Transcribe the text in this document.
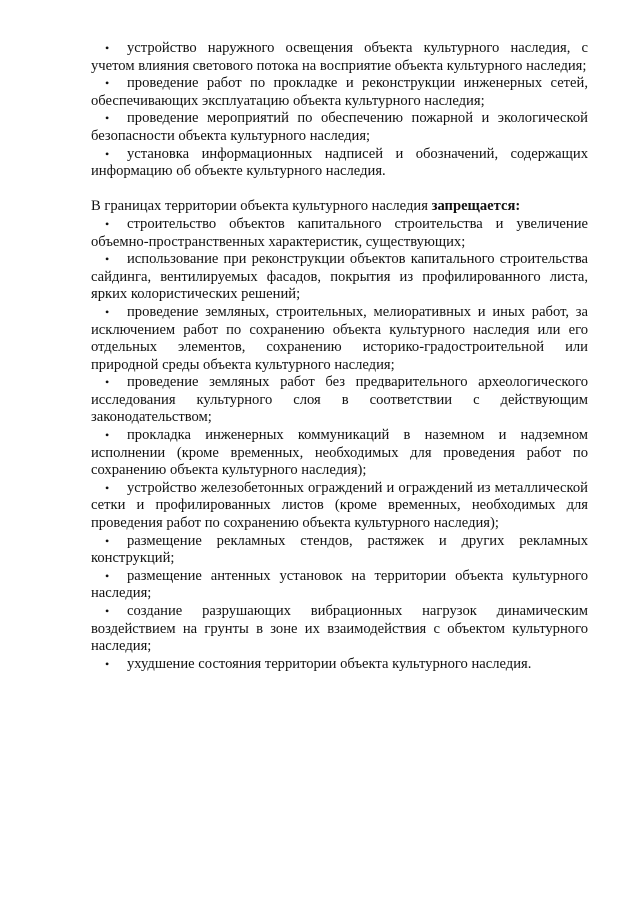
• устройство наружного освещения объекта культурного наследия, с учетом влияния светового потока на восприятие объекта культурного наследия;
• проведение работ по прокладке и реконструкции инженерных сетей, обеспечивающих эксплуатацию объекта культурного наследия;
• проведение мероприятий по обеспечению пожарной и экологической безопасности объекта культурного наследия;
• установка информационных надписей и обозначений, содержащих информацию об объекте культурного наследия.

В границах территории объекта культурного наследия запрещается:

• строительство объектов капитального строительства и увеличение объемно-пространственных характеристик, существующих;
• использование при реконструкции объектов капитального строительства сайдинга, вентилируемых фасадов, покрытия из профилированного листа, ярких колористических решений;
• проведение земляных, строительных, мелиоративных и иных работ, за исключением работ по сохранению объекта культурного наследия или его отдельных элементов, сохранению историко-градостроительной или природной среды объекта культурного наследия;
• проведение земляных работ без предварительного археологического исследования культурного слоя в соответствии с действующим законодательством;
• прокладка инженерных коммуникаций в наземном и надземном исполнении (кроме временных, необходимых для проведения работ по сохранению объекта культурного наследия);
• устройство железобетонных ограждений и ограждений из металлической сетки и профилированных листов (кроме временных, необходимых для проведения работ по сохранению объекта культурного наследия);
• размещение рекламных стендов, растяжек и других рекламных конструкций;
• размещение антенных установок на территории объекта культурного наследия;
• создание разрушающих вибрационных нагрузок динамическим воздействием на грунты в зоне их взаимодействия с объектом культурного наследия;
• ухудшение состояния территории объекта культурного наследия.
